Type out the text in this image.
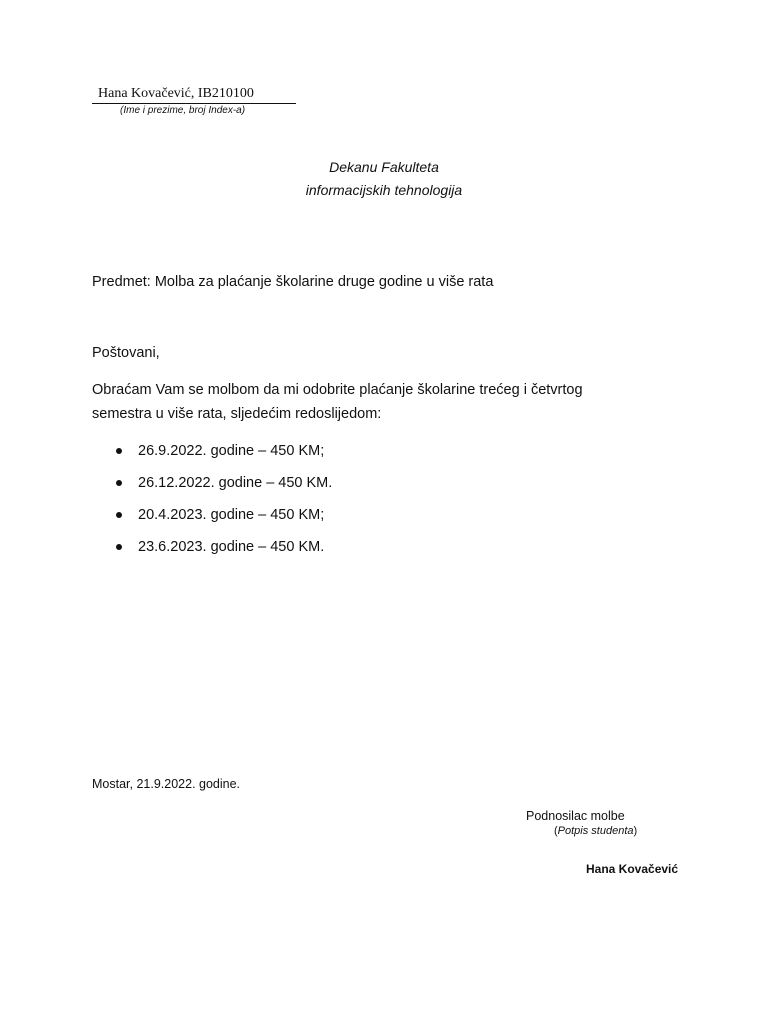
Hana Kovačević, IB210100
(Ime i prezime, broj Index-a)
Dekanu Fakulteta
informacijskih tehnologija
Predmet: Molba za plaćanje školarine druge godine u više rata
Poštovani,
Obraćam Vam se molbom da mi odobrite plaćanje školarine trećeg i četvrtog
semestra u više rata, sljedećim redoslijedom:
26.9.2022. godine – 450 KM;
26.12.2022. godine – 450 KM.
20.4.2023. godine – 450 KM;
23.6.2023. godine – 450 KM.
Mostar, 21.9.2022. godine.
Podnosilac molbe
(Potpis studenta)
Hana Kovačević
